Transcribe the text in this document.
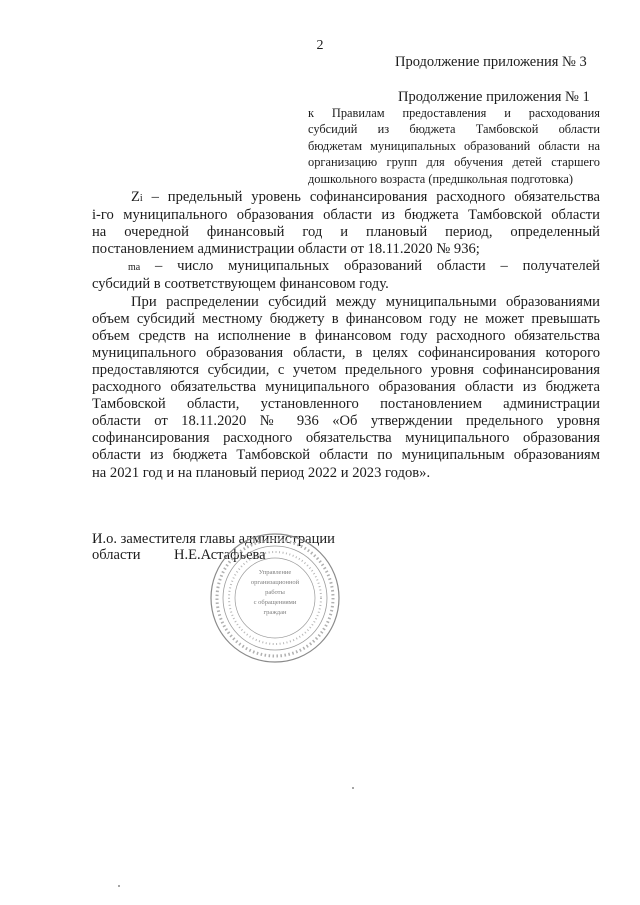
2
Продолжение приложения № 3
Продолжение приложения № 1
к Правилам предоставления и расходования
субсидий из бюджета Тамбовской области
бюджетам муниципальных образований области на
организацию групп для обучения детей старшего
дошкольного возраста (предшкольная подготовка)
Zi – предельный уровень софинансирования расходного обязательства
i-го муниципального образования области из бюджета Тамбовской области
на очередной финансовый год и плановый период, определенный
постановлением администрации области от 18.11.2020 № 936;
ma – число муниципальных образований области – получателей
субсидий в соответствующем финансовом году.
При распределении субсидий между муниципальными образованиями
объем субсидий местному бюджету в финансовом году не может превышать
объем средств на исполнение в финансовом году расходного обязательства
муниципального образования области, в целях софинансирования которого
предоставляются субсидии, с учетом предельного уровня софинансирования
расходного обязательства муниципального образования области из бюджета
Тамбовской области, установленного постановлением администрации
области от 18.11.2020 № 936 «Об утверждении предельного уровня
софинансирования расходного обязательства муниципального образования
области из бюджета Тамбовской области по муниципальным образованиям
на 2021 год и на плановый период 2022 и 2023 годов».
И.о. заместителя главы администрации
области Н.Е.Астафьева
Управление
организационной
работы
с обращениями
граждан
